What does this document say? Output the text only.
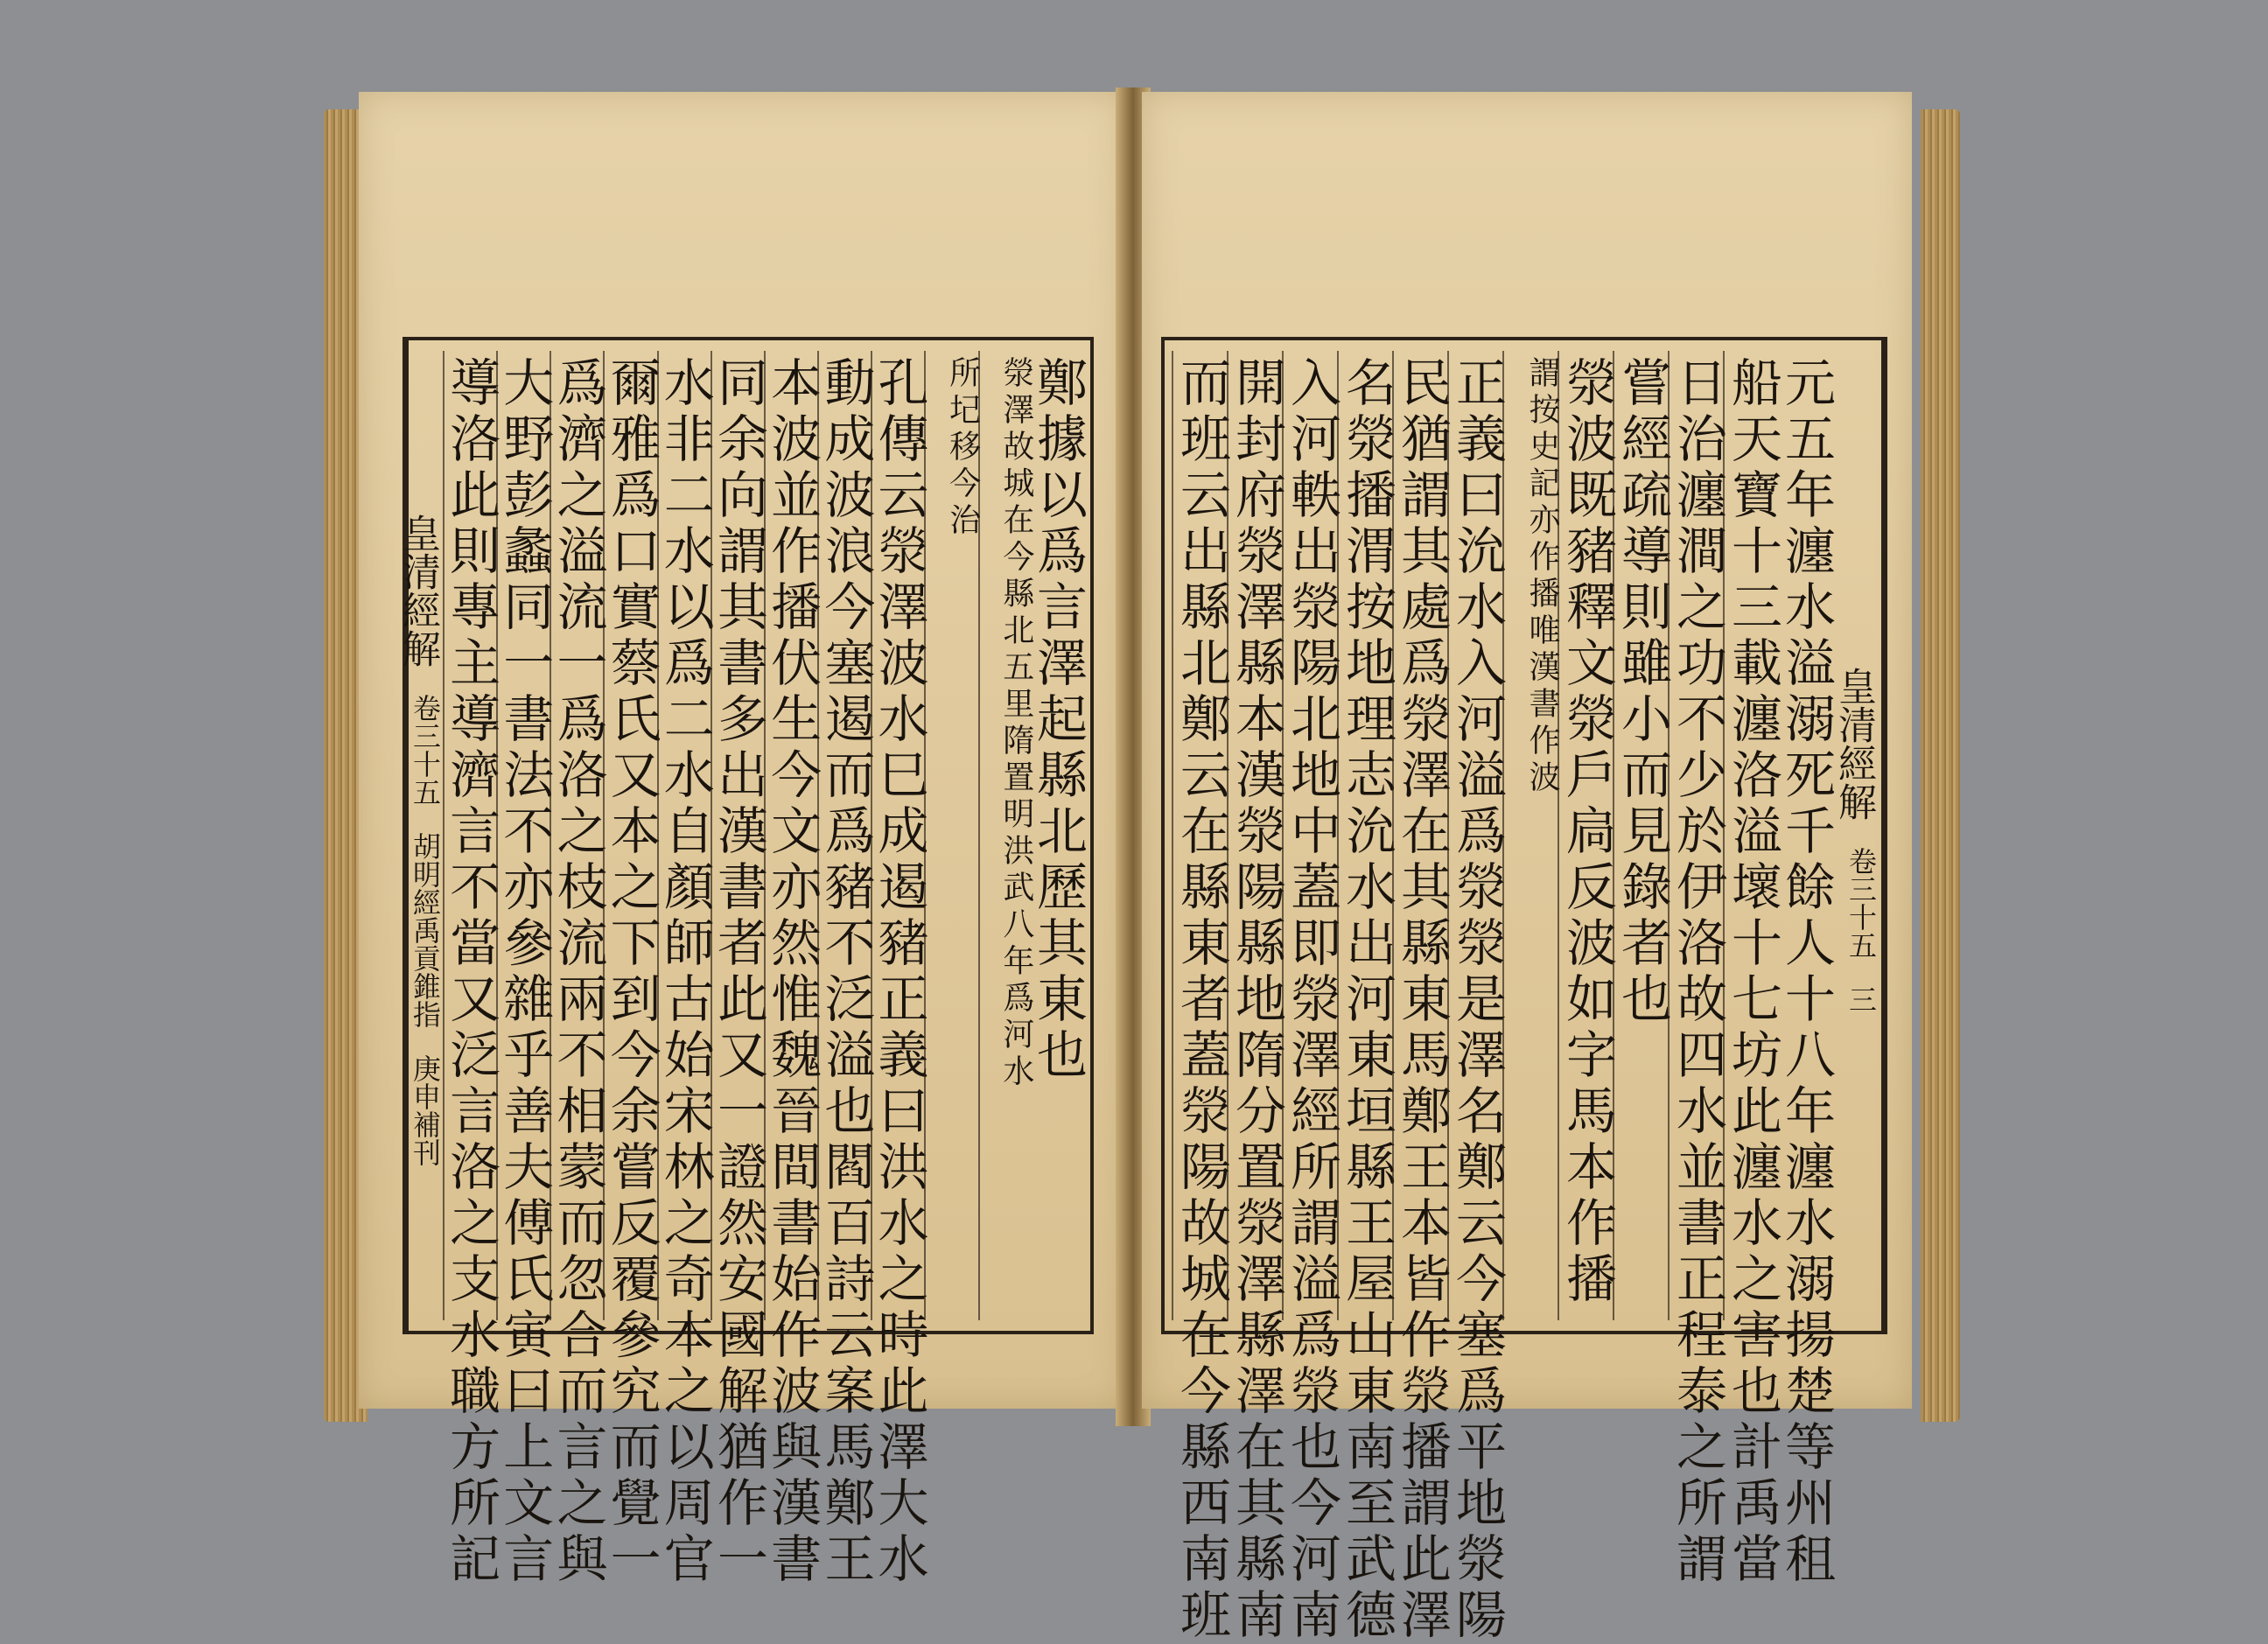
皇清經解
卷三十五
胡明經禹貢錐指
庚申補刊
鄭據以爲言澤起縣北歷其東也
滎澤故城在今縣北五里隋置明洪武八年爲河水
所圮移今治
孔傳云滎澤波水巳成遏豬正義曰洪水之時此澤大水
動成波浪今塞遏而爲豬不泛溢也閻百詩云案馬鄭王
本波並作播伏生今文亦然惟魏晉間書始作波與漢書
同余向謂其書多出漢書者此又一證然安國解猶作一
水非二水以爲二水自顏師古始宋林之奇本之以周官
爾雅爲口實蔡氏又本之下到今余嘗反覆參究而覺一
爲濟之溢流一爲洛之枝流兩不相蒙而忽合而言之與
大野彭蠡同一書法不亦參雜乎善夫傅氏寅曰上文言
導洛此則專主導濟言不當又泛言洛之支水職方所記	皇清經解
卷三十五
三
元五年瀍水溢溺死千餘人十八年瀍水溺揚楚等州租
船天寶十三載瀍洛溢壞十七坊此瀍水之害也計禹當
日治瀍澗之功不少於伊洛故四水並書正程泰之所謂
嘗經疏導則雖小而見錄者也
滎波既豬釋文滎戶扃反波如字馬本作播
謂按史記亦作播唯漢書作波
正義曰沇水入河溢爲滎滎是澤名鄭云今塞爲平地滎陽
民猶謂其處爲滎澤在其縣東馬鄭王本皆作滎播謂此澤
名滎播渭按地理志沇水出河東垣縣王屋山東南至武德
入河軼出滎陽北地中蓋即滎澤經所謂溢爲滎也今河南
開封府滎澤縣本漢滎陽縣地隋分置滎澤縣澤在其縣南
而班云出縣北鄭云在縣東者蓋滎陽故城在今縣西南班
